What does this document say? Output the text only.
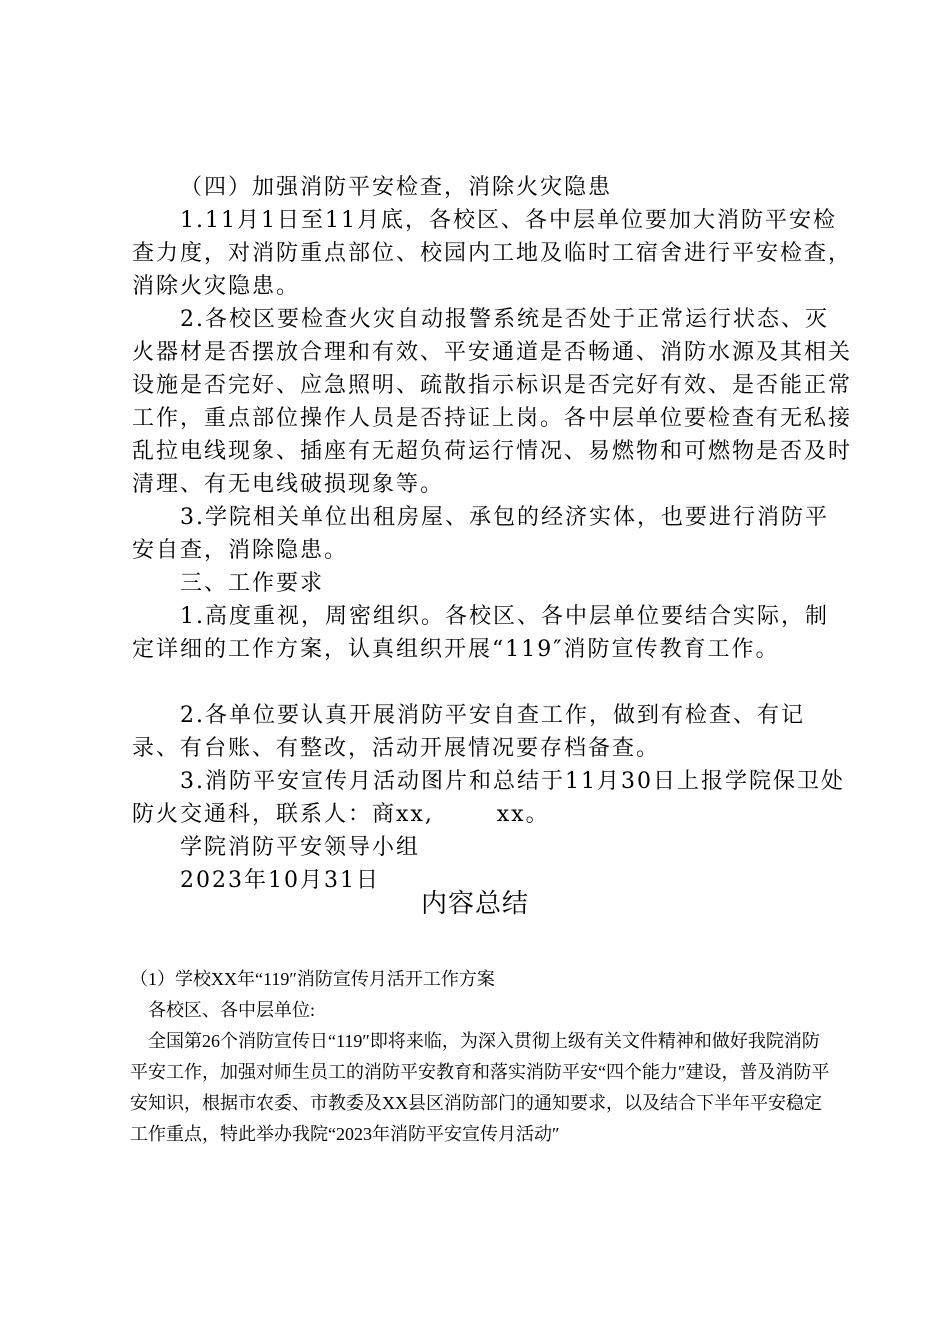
（四）加强消防平安检查，消除火灾隐患

1.11月1日至11月底，各校区、各中层单位要加大消防平安检查力度，对消防重点部位、校园内工地及临时工宿舍进行平安检查，消除火灾隐患。

2.各校区要检查火灾自动报警系统是否处于正常运行状态、灭火器材是否摆放合理和有效、平安通道是否畅通、消防水源及其相关设施是否完好、应急照明、疏散指示标识是否完好有效、是否能正常工作，重点部位操作人员是否持证上岗。各中层单位要检查有无私接乱拉电线现象、插座有无超负荷运行情况、易燃物和可燃物是否及时清理、有无电线破损现象等。

3.学院相关单位出租房屋、承包的经济实体，也要进行消防平安自查，消除隐患。

三、工作要求

1.高度重视，周密组织。各校区、各中层单位要结合实际，制定详细的工作方案，认真组织开展“119″消防宣传教育工作。

2.各单位要认真开展消防平安自查工作，做到有检查、有记录、有台账、有整改，活动开展情况要存档备查。

3.消防平安宣传月活动图片和总结于11月30日上报学院保卫处防火交通科，联系人：商xx,       xx。

学院消防平安领导小组

2023年10月31日

内容总结

（1）学校XX年“119″消防宣传月活开工作方案

各校区、各中层单位:

全国第26个消防宣传日“119″即将来临，为深入贯彻上级有关文件精神和做好我院消防平安工作，加强对师生员工的消防平安教育和落实消防平安“四个能力″建设，普及消防平安知识，根据市农委、市教委及XX县区消防部门的通知要求，以及结合下半年平安稳定工作重点，特此举办我院“2023年消防平安宣传月活动″
